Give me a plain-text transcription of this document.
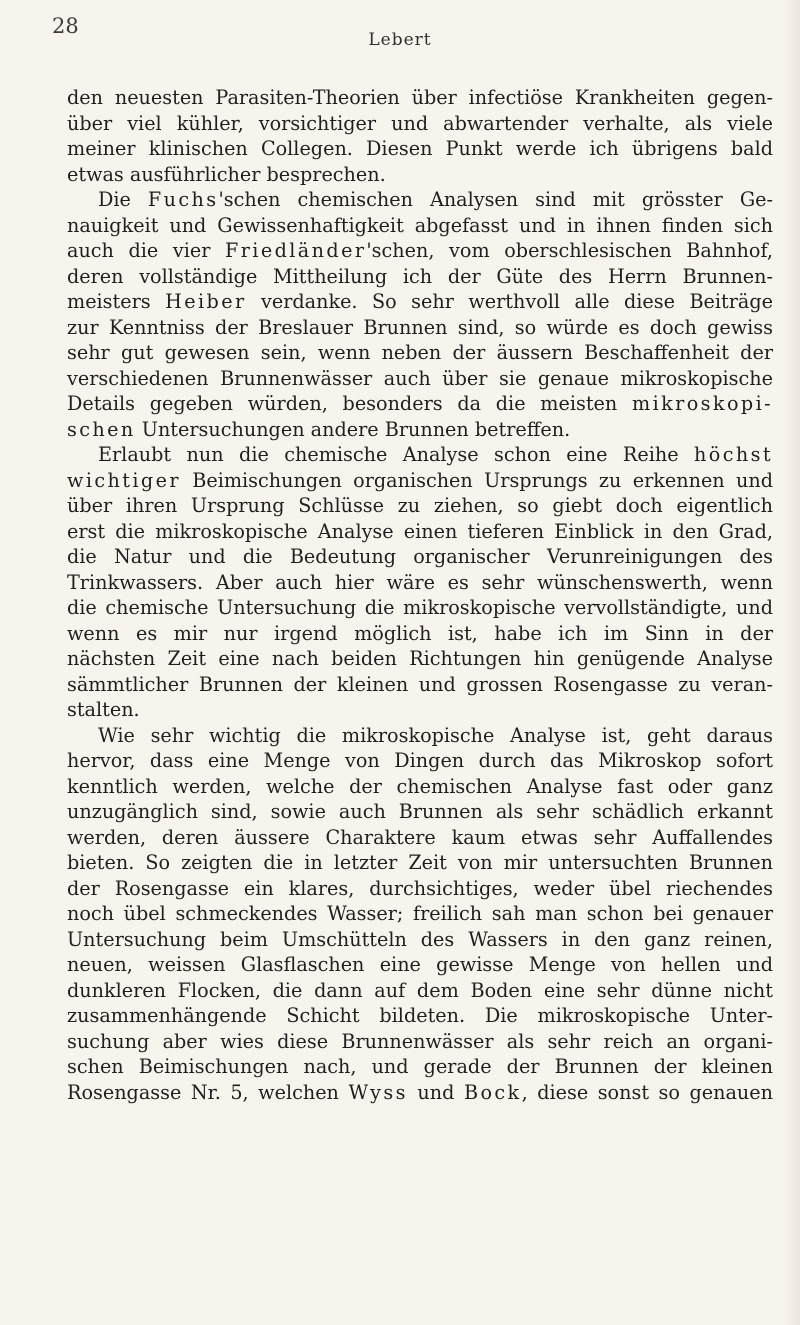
28
Lebert
den neuesten Parasiten-Theorien über infectiöse Krankheiten gegen-
über viel kühler, vorsichtiger und abwartender verhalte, als viele
meiner klinischen Collegen. Diesen Punkt werde ich übrigens bald
etwas ausführlicher besprechen.
Die Fuchs'schen chemischen Analysen sind mit grösster Ge-
nauigkeit und Gewissenhaftigkeit abgefasst und in ihnen finden sich
auch die vier Friedländer'schen, vom oberschlesischen Bahnhof,
deren vollständige Mittheilung ich der Güte des Herrn Brunnen-
meisters Heiber verdanke. So sehr werthvoll alle diese Beiträge
zur Kenntniss der Breslauer Brunnen sind, so würde es doch gewiss
sehr gut gewesen sein, wenn neben der äussern Beschaffenheit der
verschiedenen Brunnenwässer auch über sie genaue mikroskopische
Details gegeben würden, besonders da die meisten mikroskopi-
schen Untersuchungen andere Brunnen betreffen.
Erlaubt nun die chemische Analyse schon eine Reihe höchst
wichtiger Beimischungen organischen Ursprungs zu erkennen und
über ihren Ursprung Schlüsse zu ziehen, so giebt doch eigentlich
erst die mikroskopische Analyse einen tieferen Einblick in den Grad,
die Natur und die Bedeutung organischer Verunreinigungen des
Trinkwassers. Aber auch hier wäre es sehr wünschenswerth, wenn
die chemische Untersuchung die mikroskopische vervollständigte, und
wenn es mir nur irgend möglich ist, habe ich im Sinn in der
nächsten Zeit eine nach beiden Richtungen hin genügende Analyse
sämmtlicher Brunnen der kleinen und grossen Rosengasse zu veran-
stalten.
Wie sehr wichtig die mikroskopische Analyse ist, geht daraus
hervor, dass eine Menge von Dingen durch das Mikroskop sofort
kenntlich werden, welche der chemischen Analyse fast oder ganz
unzugänglich sind, sowie auch Brunnen als sehr schädlich erkannt
werden, deren äussere Charaktere kaum etwas sehr Auffallendes
bieten. So zeigten die in letzter Zeit von mir untersuchten Brunnen
der Rosengasse ein klares, durchsichtiges, weder übel riechendes
noch übel schmeckendes Wasser; freilich sah man schon bei genauer
Untersuchung beim Umschütteln des Wassers in den ganz reinen,
neuen, weissen Glasflaschen eine gewisse Menge von hellen und
dunkleren Flocken, die dann auf dem Boden eine sehr dünne nicht
zusammenhängende Schicht bildeten. Die mikroskopische Unter-
suchung aber wies diese Brunnenwässer als sehr reich an organi-
schen Beimischungen nach, und gerade der Brunnen der kleinen
Rosengasse Nr. 5, welchen Wyss und Bock, diese sonst so genauen
